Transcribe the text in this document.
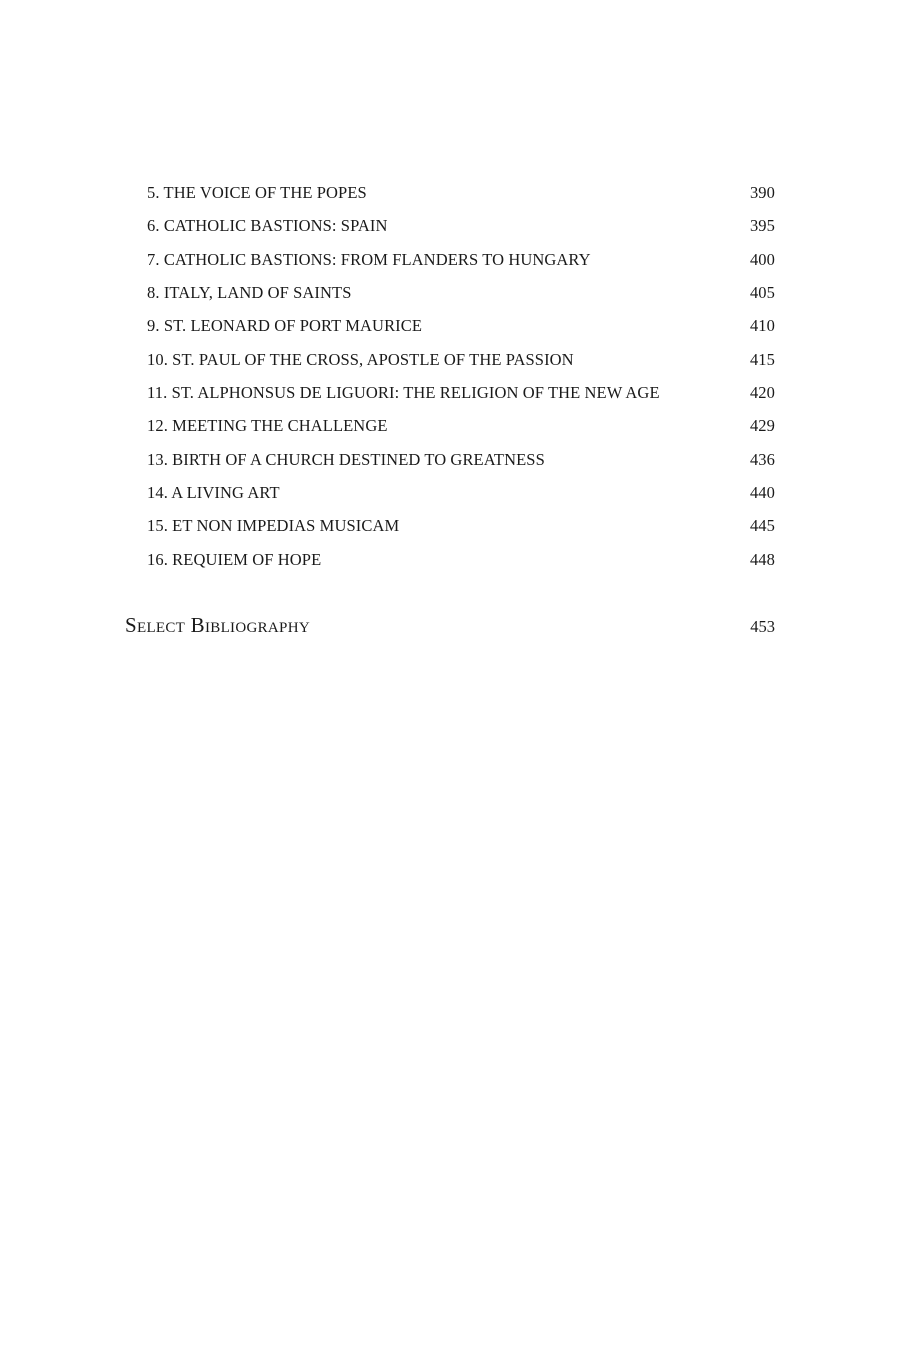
5. THE VOICE OF THE POPES	390
6. CATHOLIC BASTIONS: SPAIN	395
7. CATHOLIC BASTIONS: FROM FLANDERS TO HUNGARY	400
8. ITALY, LAND OF SAINTS	405
9. ST. LEONARD OF PORT MAURICE	410
10. ST. PAUL OF THE CROSS, APOSTLE OF THE PASSION	415
11. ST. ALPHONSUS DE LIGUORI: THE RELIGION OF THE NEW AGE	420
12. MEETING THE CHALLENGE	429
13. BIRTH OF A CHURCH DESTINED TO GREATNESS	436
14. A LIVING ART	440
15. ET NON IMPEDIAS MUSICAM	445
16. REQUIEM OF HOPE	448
Select Bibliography	453
